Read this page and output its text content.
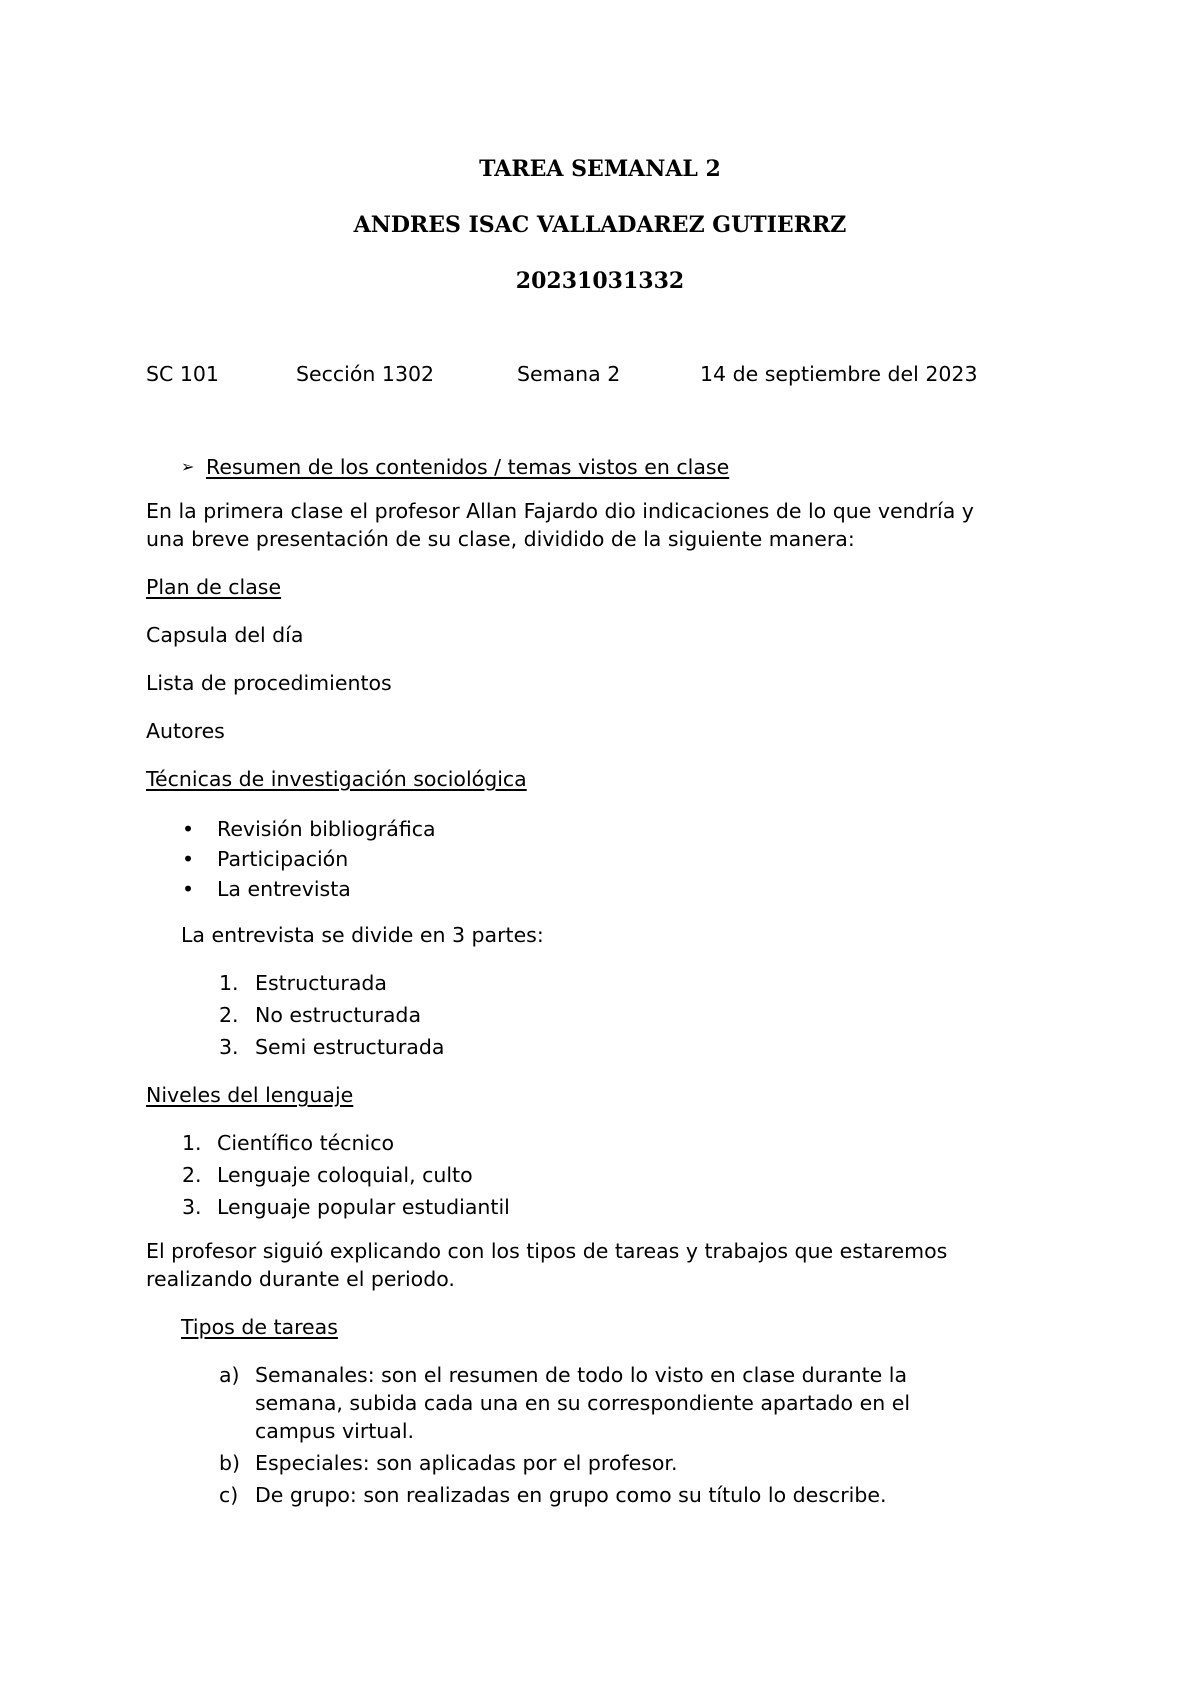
TAREA SEMANAL 2
ANDRES ISAC VALLADAREZ GUTIERRZ
20231031332
SC 101	Sección 1302	Semana 2	14 de septiembre del 2023
➢ Resumen de los contenidos / temas vistos en clase

En la primera clase el profesor Allan Fajardo dio indicaciones de lo que vendría y

una breve presentación de su clase, dividido de la siguiente manera:

Plan de clase

Capsula del día

Lista de procedimientos

Autores

Técnicas de investigación sociológica

• Revisión bibliográfica

• Participación

• La entrevista

La entrevista se divide en 3 partes:

1. Estructurada

2. No estructurada

3. Semi estructurada

Niveles del lenguaje

1. Científico técnico

2. Lenguaje coloquial, culto

3. Lenguaje popular estudiantil

El profesor siguió explicando con los tipos de tareas y trabajos que estaremos

realizando durante el periodo.

Tipos de tareas

a) Semanales: son el resumen de todo lo visto en clase durante la

semana, subida cada una en su correspondiente apartado en el

campus virtual.

b) Especiales: son aplicadas por el profesor.

c) De grupo: son realizadas en grupo como su título lo describe.
